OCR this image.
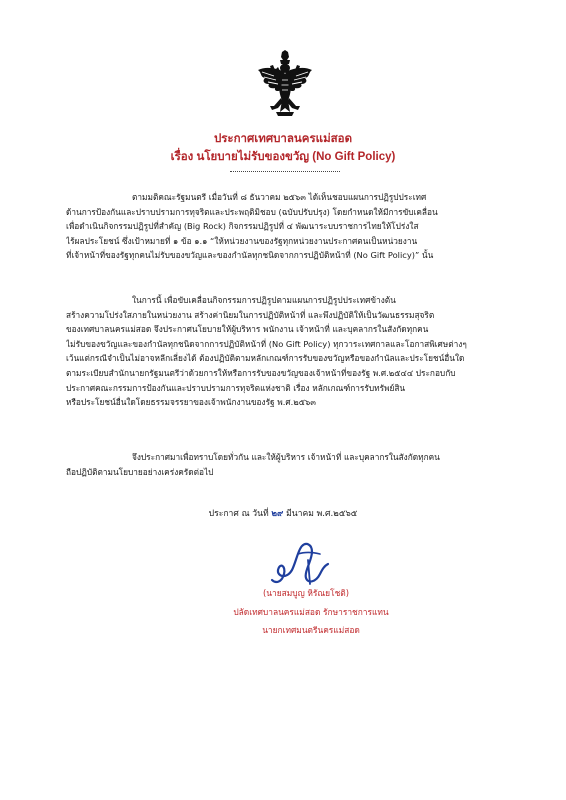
ประกาศเทศบาลนครแม่สอด
เรื่อง นโยบายไม่รับของขวัญ (No Gift Policy)
ตามมติคณะรัฐมนตรี เมื่อวันที่ ๘ ธันวาคม ๒๕๖๓ ได้เห็นชอบแผนการปฏิรูปประเทศ
ด้านการป้องกันและปราบปรามการทุจริตและประพฤติมิชอบ (ฉบับปรับปรุง) โดยกำหนดให้มีการขับเคลื่อน
เพื่อดำเนินกิจกรรมปฏิรูปที่สำคัญ (Big Rock) กิจกรรมปฏิรูปที่ ๔ พัฒนาระบบราชการไทยให้โปร่งใส
ไร้ผลประโยชน์ ซึ่งเป้าหมายที่ ๑ ข้อ ๑.๑ “ให้หน่วยงานของรัฐทุกหน่วยงานประกาศตนเป็นหน่วยงาน
ที่เจ้าหน้าที่ของรัฐทุกคนไม่รับของขวัญและของกำนัลทุกชนิดจากการปฏิบัติหน้าที่ (No Gift Policy)” นั้น
ในการนี้ เพื่อขับเคลื่อนกิจกรรมการปฏิรูปตามแผนการปฏิรูปประเทศข้างต้น
สร้างความโปร่งใสภายในหน่วยงาน สร้างค่านิยมในการปฏิบัติหน้าที่ และพึงปฏิบัติให้เป็นวัฒนธรรมสุจริต
ของเทศบาลนครแม่สอด จึงประกาศนโยบายให้ผู้บริหาร พนักงาน เจ้าหน้าที่ และบุคลากรในสังกัดทุกคน
ไม่รับของขวัญและของกำนัลทุกชนิดจากการปฏิบัติหน้าที่ (No Gift Policy) ทุกวาระเทศกาลและโอกาสพิเศษต่างๆ
เว้นแต่กรณีจำเป็นไม่อาจหลีกเลี่ยงได้ ต้องปฏิบัติตามหลักเกณฑ์การรับของขวัญหรือของกำนัลและประโยชน์อื่นใด
ตามระเบียบสำนักนายกรัฐมนตรีว่าด้วยการให้หรือการรับของขวัญของเจ้าหน้าที่ของรัฐ พ.ศ.๒๕๔๔ ประกอบกับ
ประกาศคณะกรรมการป้องกันและปราบปรามการทุจริตแห่งชาติ เรื่อง หลักเกณฑ์การรับทรัพย์สิน
หรือประโยชน์อื่นใดโดยธรรมจรรยาของเจ้าพนักงานของรัฐ พ.ศ.๒๕๖๓
จึงประกาศมาเพื่อทราบโดยทั่วกัน และให้ผู้บริหาร เจ้าหน้าที่ และบุคลากรในสังกัดทุกคน
ถือปฏิบัติตามนโยบายอย่างเคร่งครัดต่อไป
ประกาศ ณ วันที่ ๒๙ มีนาคม พ.ศ.๒๕๖๕
(นายสมบูญ หิรัณยโชติ)
ปลัดเทศบาลนครแม่สอด รักษาราชการแทน
นายกเทศมนตรีนครแม่สอด
